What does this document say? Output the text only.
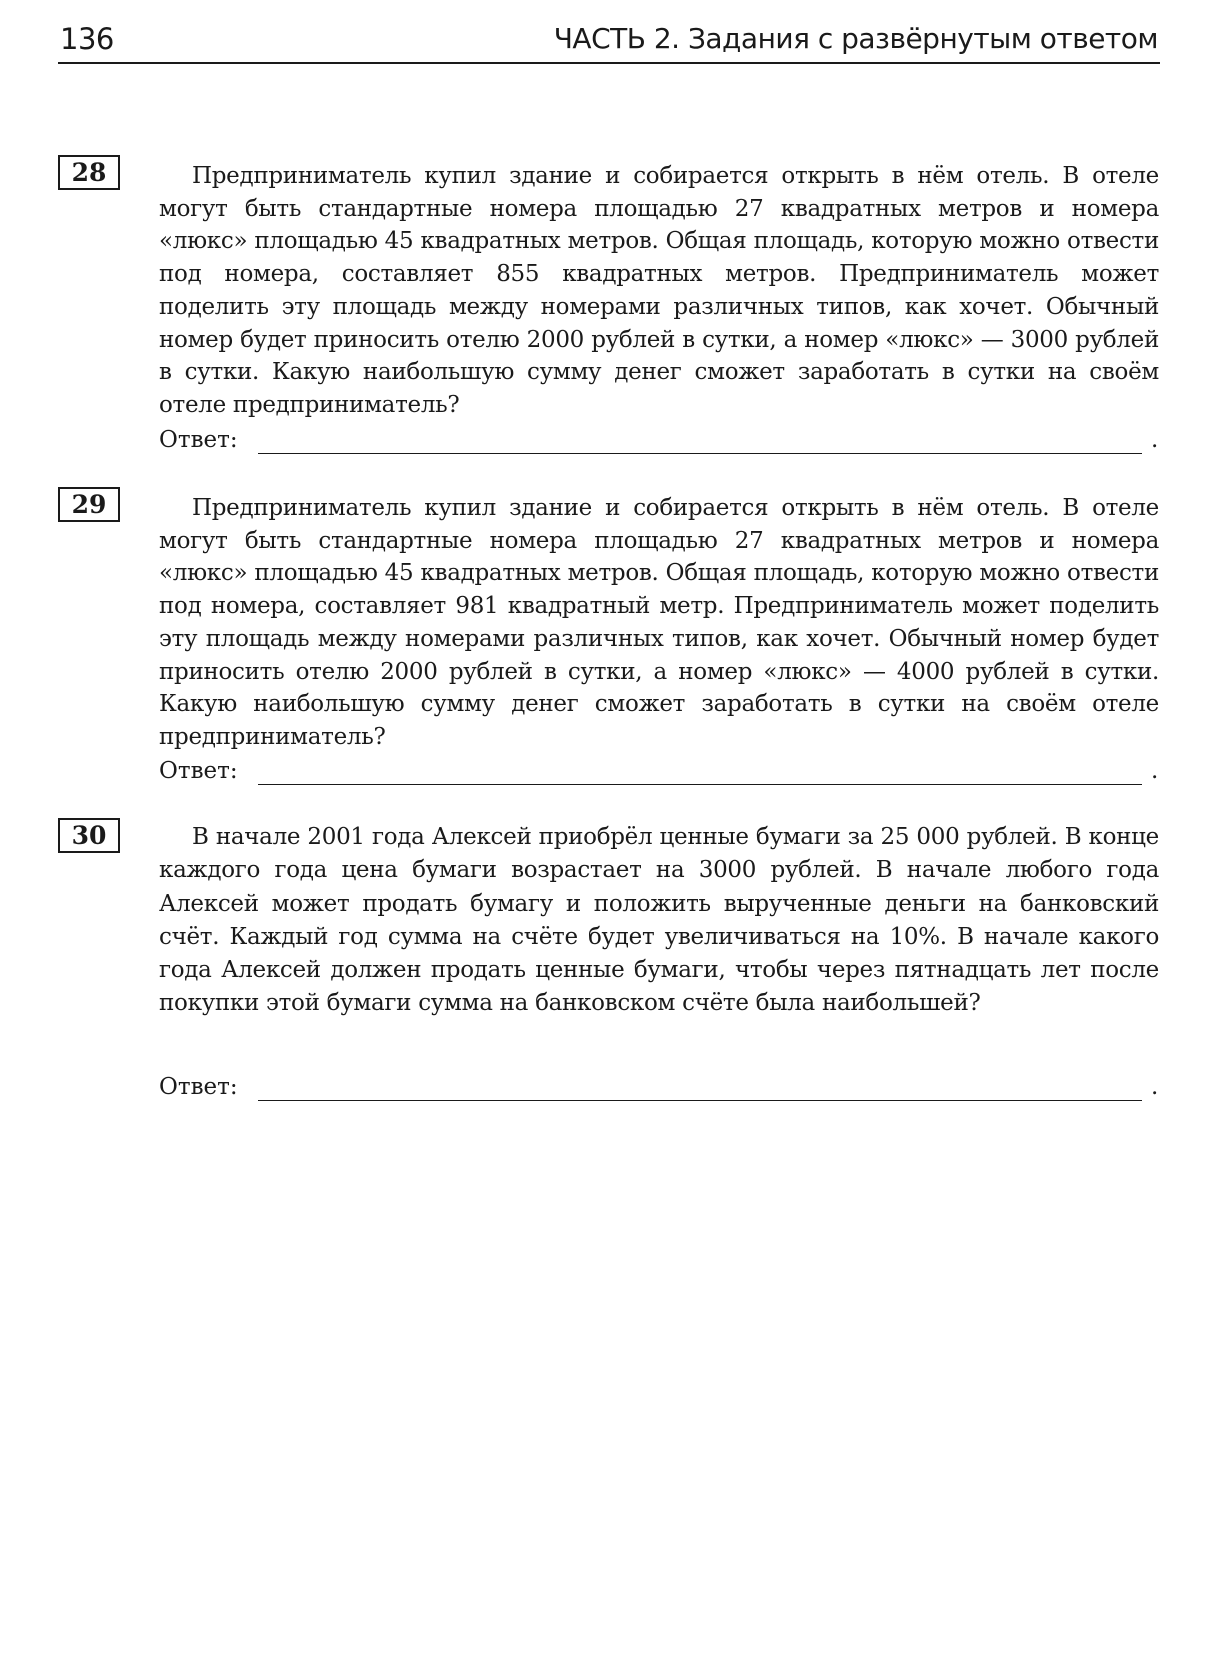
136	ЧАСТЬ 2. Задания с развёрнутым ответом
28	Предприниматель купил здание и собирается открыть в нём отель. В отеле могут быть стандартные номера площадью 27 квадратных метров и номера «люкс» площадью 45 квадратных метров. Общая площадь, которую можно отвести под номера, составляет 855 квадратных метров. Предприниматель может поделить эту площадь между номерами различных типов, как хочет. Обычный номер будет приносить отелю 2000 рублей в сутки, а номер «люкс» — 3000 рублей в сутки. Какую наибольшую сумму денег сможет заработать в сутки на своём отеле предприниматель?

Ответ:	.
29	Предприниматель купил здание и собирается открыть в нём отель. В отеле могут быть стандартные номера площадью 27 квадратных метров и номера «люкс» площадью 45 квадратных метров. Общая площадь, которую можно отвести под номера, составляет 981 квадратный метр. Предприниматель может поделить эту площадь между номерами различных типов, как хочет. Обычный номер будет приносить отелю 2000 рублей в сутки, а номер «люкс» — 4000 рублей в сутки. Какую наибольшую сумму денег сможет заработать в сутки на своём отеле предприниматель?

Ответ:	.
30	В начале 2001 года Алексей приобрёл ценные бумаги за 25 000 рублей. В конце каждого года цена бумаги возрастает на 3000 рублей. В начале любого года Алексей может продать бумагу и положить вырученные деньги на банковский счёт. Каждый год сумма на счёте будет увеличиваться на 10%. В начале какого года Алексей должен продать ценные бумаги, чтобы через пятнадцать лет после покупки этой бумаги сумма на банковском счёте была наибольшей?

Ответ:	.
